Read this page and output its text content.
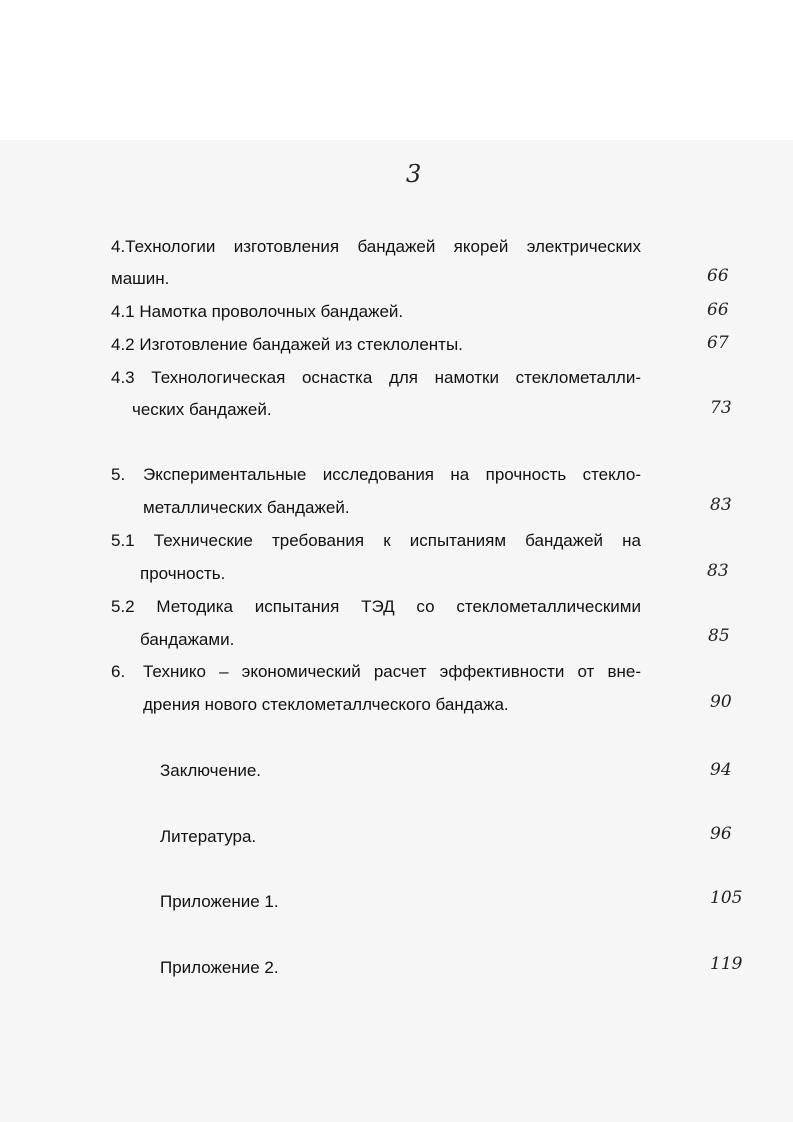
3
4.Технологии изготовления бандажей якорей электрических
машин.	66
4.1 Намотка проволочных бандажей.	66
4.2 Изготовление бандажей из стеклоленты.	67
4.3 Технологическая оснастка для намотки стеклометалли-
ческих бандажей.	73
5. Экспериментальные исследования на прочность стекло-
металлических бандажей.	83
5.1 Технические требования к испытаниям бандажей на
прочность.	83
5.2 Методика испытания ТЭД со стеклометаллическими
бандажами.	85
6. Технико – экономический расчет эффективности от вне-
дрения нового стеклометаллческого бандажа.	90
Заключение.	94
Литература.	96
Приложение 1.	105
Приложение 2.	119
